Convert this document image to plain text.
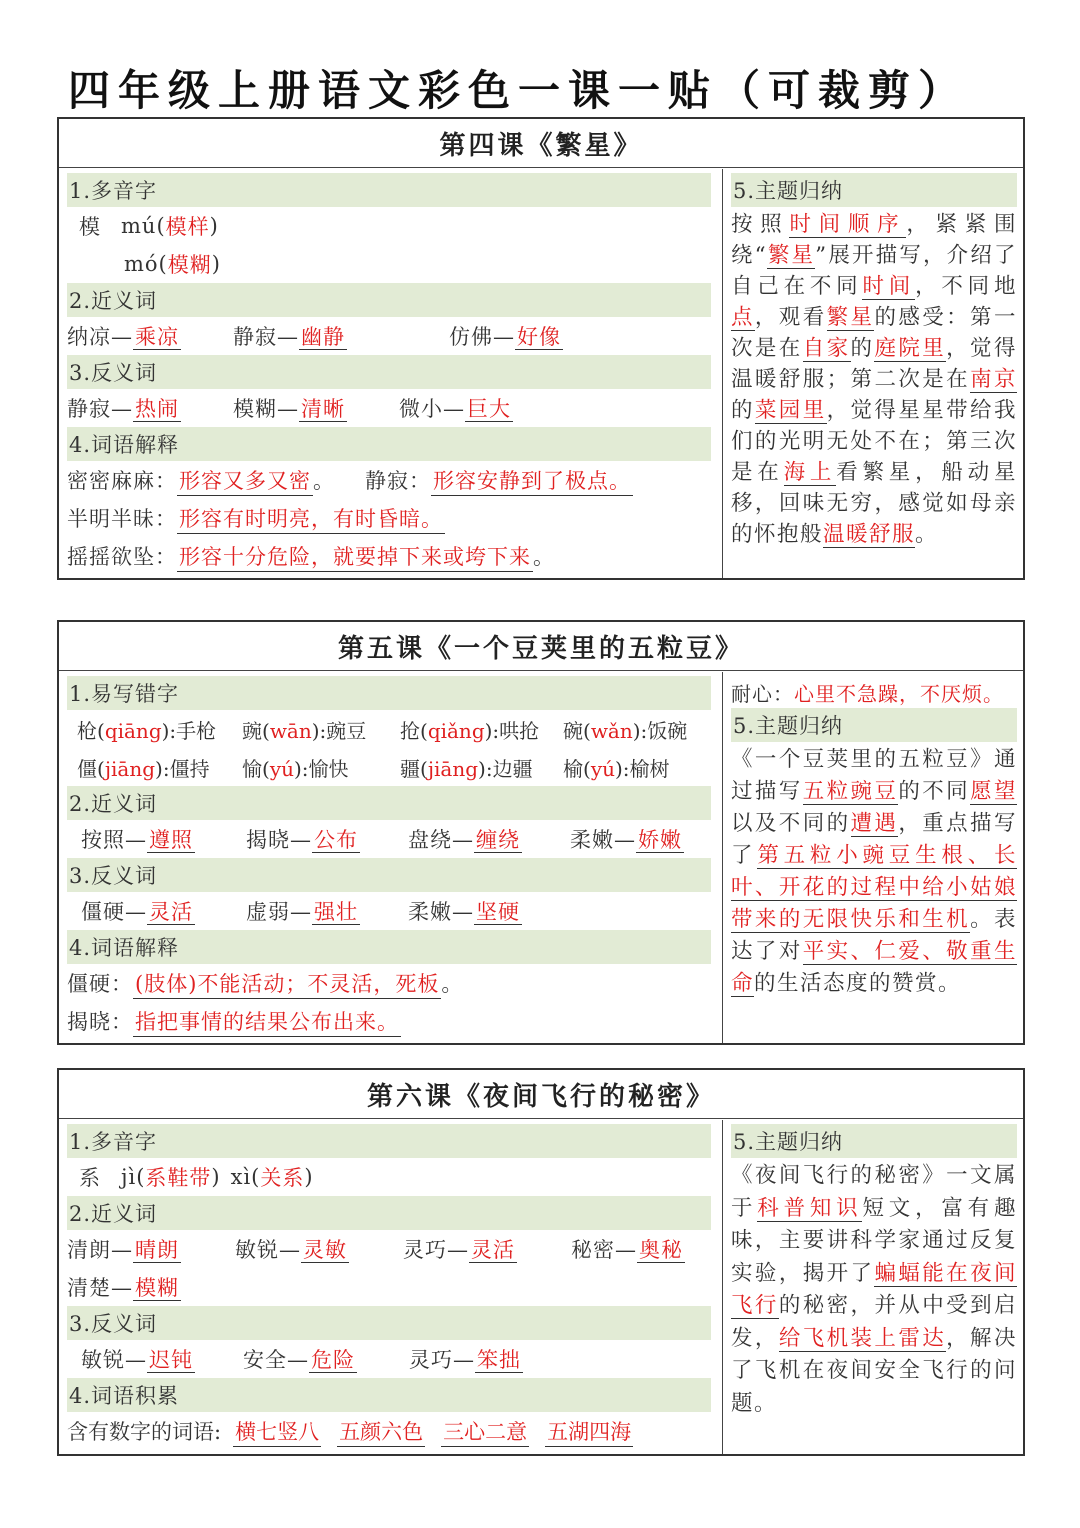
四年级上册语文彩色一课一贴（可裁剪）
第四课《繁星》
1.多音字
模 mú( 模样 )
mó( 模糊 )
2.近义词
纳凉—乘凉	静寂—幽静	仿佛—好像
3.反义词
静寂—热闹	模糊—清晰	微小—巨大
4.词语解释
密密麻麻： 形容又多又密 。 静寂： 形容安静到了极点。
半明半昧： 形容有时明亮，有时昏暗。
摇摇欲坠： 形容十分危险，就要掉下来或垮下来 。
5.主题归纳
按照时间顺序，紧紧围绕“繁星”展开描写，介绍了自己在不同时间，不同地点，观看繁星的感受：第一次是在自家的庭院里，觉得温暖舒服；第二次是在南京的菜园里，觉得星星带给我们的光明无处不在；第三次是在海上看繁星，船动星移，回味无穷，感觉如母亲的怀抱般温暖舒服。
第五课《一个豆荚里的五粒豆》
1.易写错字
枪(qiāng):手枪	豌(wān):豌豆	抢(qiǎng):哄抢	碗(wǎn):饭碗
僵(jiāng):僵持	愉(yú):愉快	疆(jiāng):边疆	榆(yú):榆树
2.近义词
按照—遵照	揭晓—公布	盘绕—缠绕	柔嫩—娇嫩
3.反义词
僵硬—灵活	虚弱—强壮	柔嫩—坚硬
4.词语解释
僵硬： (肢体)不能活动；不灵活，死板 。
揭晓： 指把事情的结果公布出来。
耐心： 心里不急躁，不厌烦。
5.主题归纳
《一个豆荚里的五粒豆》通过描写五粒豌豆的不同愿望以及不同的遭遇，重点描写了第五粒小豌豆生根、长叶、开花的过程中给小姑娘带来的无限快乐和生机。表达了对平实、仁爱、敬重生命的生活态度的赞赏。
第六课《夜间飞行的秘密》
1.多音字
系 jì( 系鞋带 ) xì( 关系 )
2.近义词
清朗—晴朗	敏锐—灵敏	灵巧—灵活	秘密—奥秘
清楚—模糊
3.反义词
敏锐—迟钝	安全—危险	灵巧—笨拙
4.词语积累
含有数字的词语: 横七竖八 五颜六色 三心二意 五湖四海
5.主题归纳
《夜间飞行的秘密》一文属于科普知识短文，富有趣味，主要讲科学家通过反复实验，揭开了蝙蝠能在夜间飞行的秘密，并从中受到启发，给飞机装上雷达，解决了飞机在夜间安全飞行的问题。
